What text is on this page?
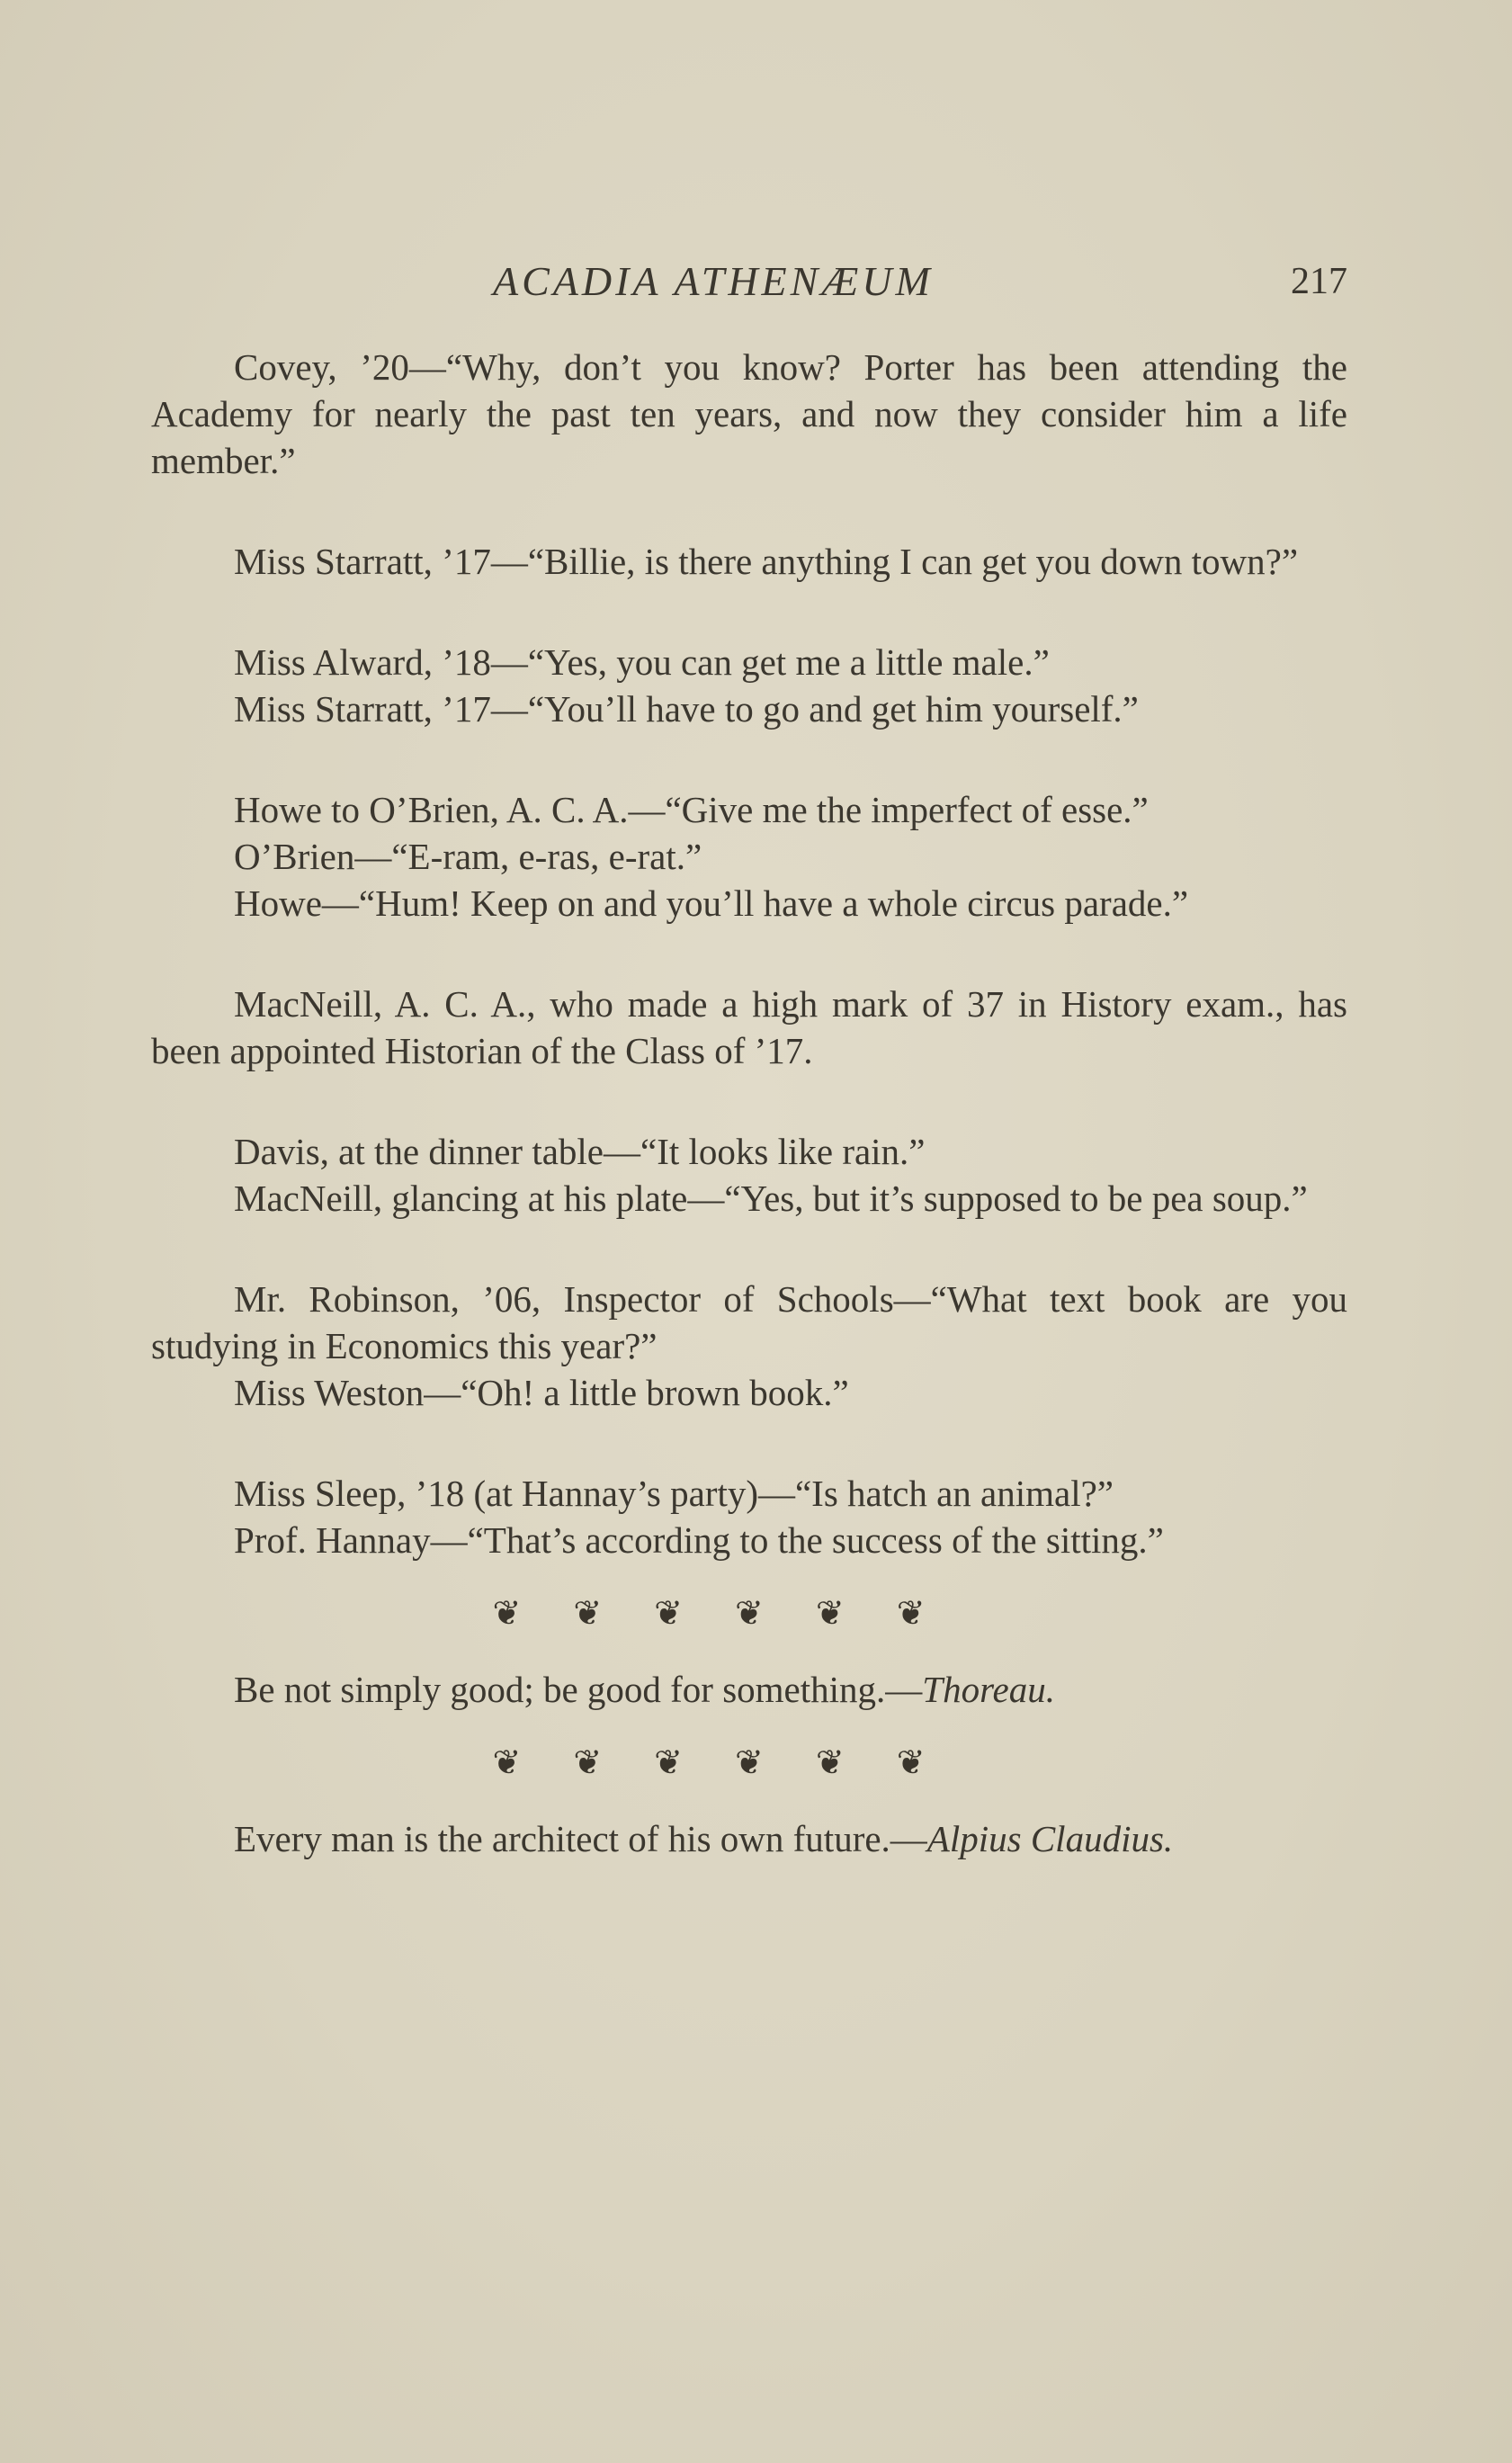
ACADIA ATHENÆUM	217

Covey, ’20—“Why, don’t you know? Porter has been attending the Academy for nearly the past ten years, and now they consider him a life member.”

Miss Starratt, ’17—“Billie, is there anything I can get you down town?”

Miss Alward, ’18—“Yes, you can get me a little male.”

Miss Starratt, ’17—“You’ll have to go and get him yourself.”

Howe to O’Brien, A. C. A.—“Give me the imperfect of esse.”

O’Brien—“E-ram, e-ras, e-rat.”

Howe—“Hum! Keep on and you’ll have a whole circus parade.”

MacNeill, A. C. A., who made a high mark of 37 in History exam., has been appointed Historian of the Class of ’17.

Davis, at the dinner table—“It looks like rain.”

MacNeill, glancing at his plate—“Yes, but it’s supposed to be pea soup.”

Mr. Robinson, ’06, Inspector of Schools—“What text book are you studying in Economics this year?”

Miss Weston—“Oh! a little brown book.”

Miss Sleep, ’18 (at Hannay’s party)—“Is hatch an animal?”

Prof. Hannay—“That’s according to the success of the sitting.”

❦ ❦ ❦ ❦ ❦ ❦

Be not simply good; be good for something.—Thoreau.

❦ ❦ ❦ ❦ ❦ ❦

Every man is the architect of his own future.—Alpius Claudius.
